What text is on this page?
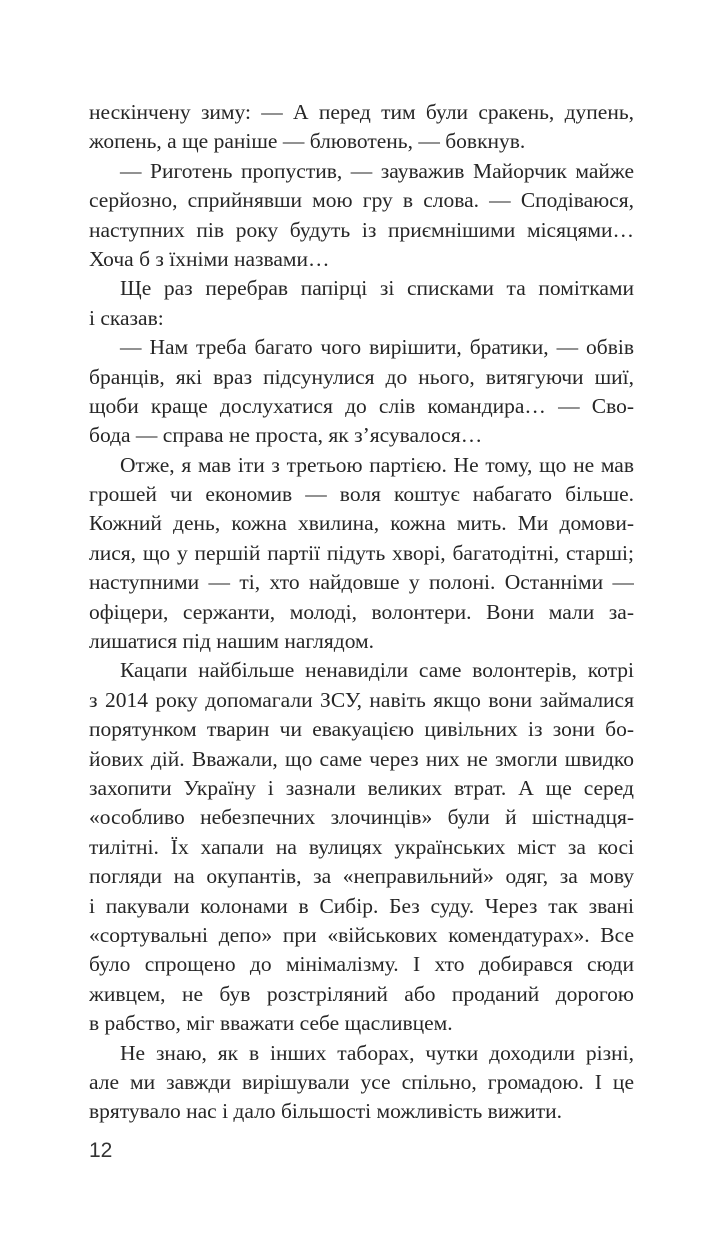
нескінчену зиму: — А перед тим були сракень, дупень,
жопень, а ще раніше — блювотень, — бовкнув.
— Риготень пропустив, — зауважив Майорчик майже
серйозно, сприйнявши мою гру в слова. — Сподіваюся,
наступних пів року будуть із приємнішими місяцями…
Хоча б з їхніми назвами…
Ще раз перебрав папірці зі списками та помітками
і сказав:
— Нам треба багато чого вирішити, братики, — обвів
бранців, які враз підсунулися до нього, витягуючи шиї,
щоби краще дослухатися до слів командира… — Сво-
бода — справа не проста, як з’ясувалося…
Отже, я мав іти з третьою партією. Не тому, що не мав
грошей чи економив — воля коштує набагато більше.
Кожний день, кожна хвилина, кожна мить. Ми домови-
лися, що у першій партії підуть хворі, багатодітні, старші;
наступними — ті, хто найдовше у полоні. Останніми —
офіцери, сержанти, молоді, волонтери. Вони мали за-
лишатися під нашим наглядом.
Кацапи найбільше ненавиділи саме волонтерів, котрі
з 2014 року допомагали ЗСУ, навіть якщо вони займалися
порятунком тварин чи евакуацією цивільних із зони бо-
йових дій. Вважали, що саме через них не змогли швидко
захопити Україну і зазнали великих втрат. А ще серед
«особливо небезпечних злочинців» були й шістнадця-
тилітні. Їх хапали на вулицях українських міст за косі
погляди на окупантів, за «неправильний» одяг, за мову
і пакували колонами в Сибір. Без суду. Через так звані
«сортувальні депо» при «військових комендатурах». Все
було спрощено до мінімалізму. І хто добирався сюди
живцем, не був розстріляний або проданий дорогою
в рабство, міг вважати себе щасливцем.
Не знаю, як в інших таборах, чутки доходили різні,
але ми завжди вирішували усе спільно, громадою. І це
врятувало нас і дало більшості можливість вижити.
12
